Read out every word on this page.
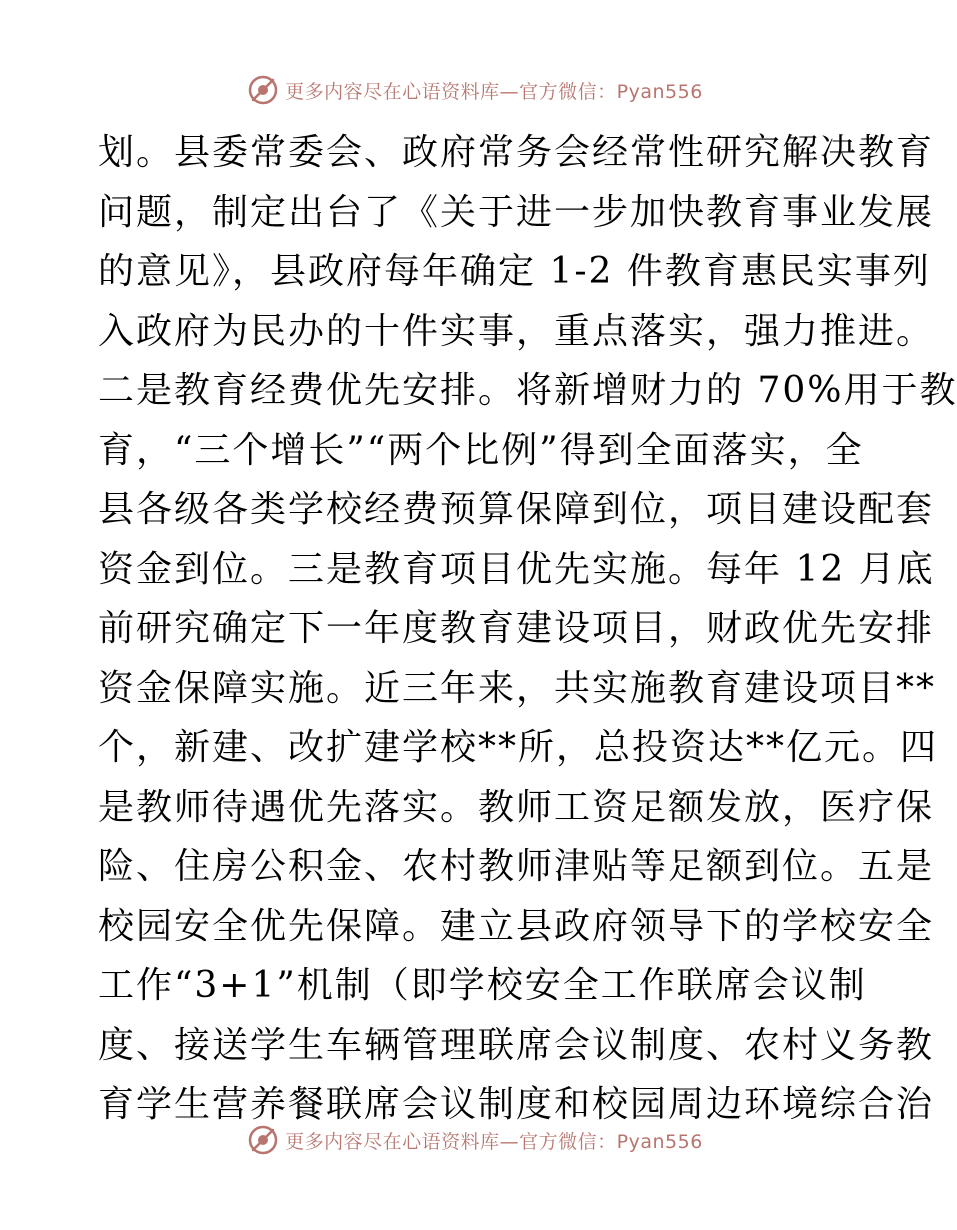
更多内容尽在心语资料库—官方微信：Pyan556
划。县委常委会、政府常务会经常性研究解决教育
问题，制定出台了《关于进一步加快教育事业发展
的意见》，县政府每年确定 1-2 件教育惠民实事列
入政府为民办的十件实事，重点落实，强力推进。
二是教育经费优先安排。将新增财力的 70%用于教
育，“三个增长”“两个比例”得到全面落实，全
县各级各类学校经费预算保障到位，项目建设配套
资金到位。三是教育项目优先实施。每年 12 月底
前研究确定下一年度教育建设项目，财政优先安排
资金保障实施。近三年来，共实施教育建设项目**
个，新建、改扩建学校**所，总投资达**亿元。四
是教师待遇优先落实。教师工资足额发放，医疗保
险、住房公积金、农村教师津贴等足额到位。五是
校园安全优先保障。建立县政府领导下的学校安全
工作“3+1”机制（即学校安全工作联席会议制
度、接送学生车辆管理联席会议制度、农村义务教
育学生营养餐联席会议制度和校园周边环境综合治
更多内容尽在心语资料库—官方微信：Pyan556
